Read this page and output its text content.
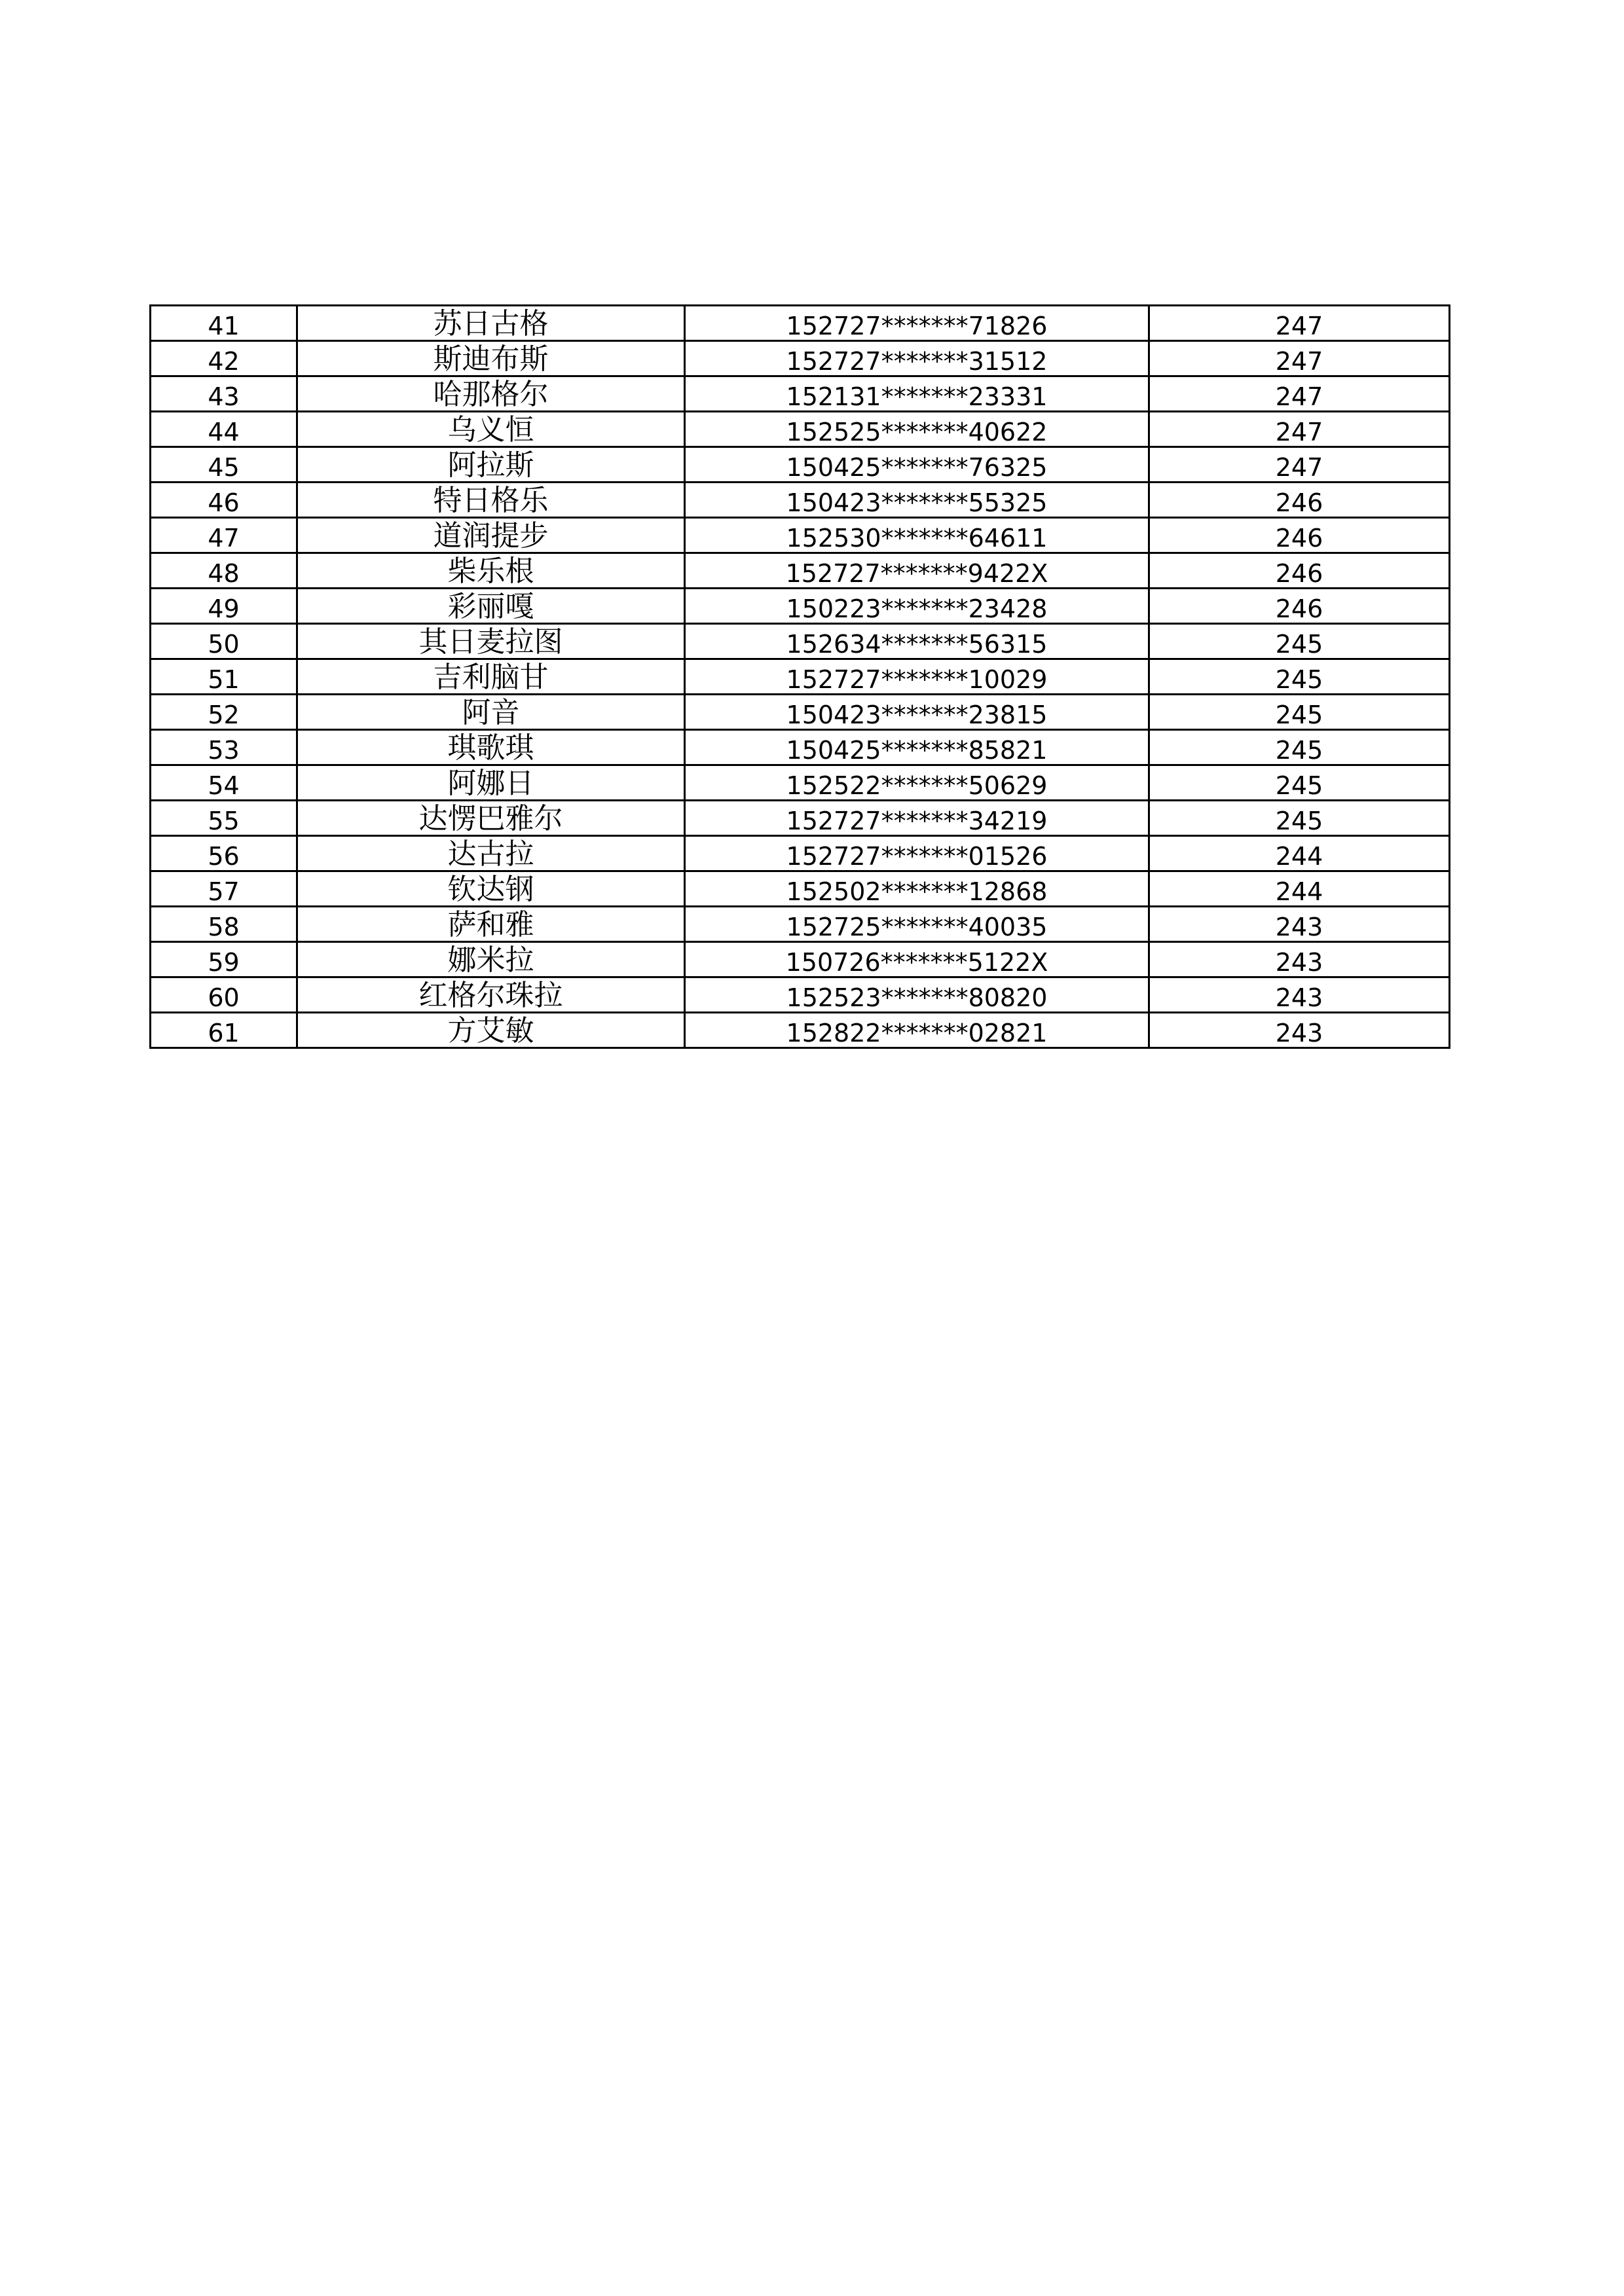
41	苏日古格	152727*******71826	247
42	斯迪布斯	152727*******31512	247
43	哈那格尔	152131*******23331	247
44	乌义恒	152525*******40622	247
45	阿拉斯	150425*******76325	247
46	特日格乐	150423*******55325	246
47	道润提步	152530*******64611	246
48	柴乐根	152727*******9422X	246
49	彩丽嘎	150223*******23428	246
50	其日麦拉图	152634*******56315	245
51	吉利脑甘	152727*******10029	245
52	阿音	150423*******23815	245
53	琪歌琪	150425*******85821	245
54	阿娜日	152522*******50629	245
55	达愣巴雅尔	152727*******34219	245
56	达古拉	152727*******01526	244
57	钦达钢	152502*******12868	244
58	萨和雅	152725*******40035	243
59	娜米拉	150726*******5122X	243
60	红格尔珠拉	152523*******80820	243
61	方艾敏	152822*******02821	243
